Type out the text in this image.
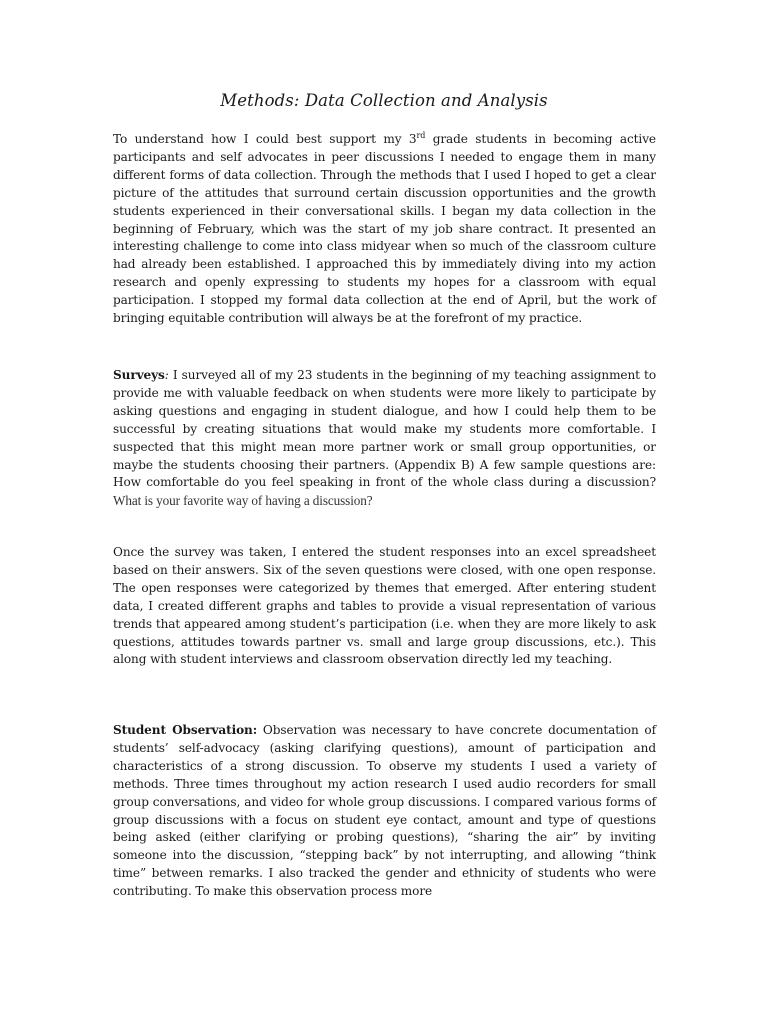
Methods: Data Collection and Analysis

To understand how I could best support my 3rd grade students in becoming active participants and self advocates in peer discussions I needed to engage them in many different forms of data collection. Through the methods that I used I hoped to get a clear picture of the attitudes that surround certain discussion opportunities and the growth students experienced in their conversational skills. I began my data collection in the beginning of February, which was the start of my job share contract. It presented an interesting challenge to come into class midyear when so much of the classroom culture had already been established. I approached this by immediately diving into my action research and openly expressing to students my hopes for a classroom with equal participation. I stopped my formal data collection at the end of April, but the work of bringing equitable contribution will always be at the forefront of my practice.

Surveys: I surveyed all of my 23 students in the beginning of my teaching assignment to provide me with valuable feedback on when students were more likely to participate by asking questions and engaging in student dialogue, and how I could help them to be successful by creating situations that would make my students more comfortable. I suspected that this might mean more partner work or small group opportunities, or maybe the students choosing their partners. (Appendix B) A few sample questions are: How comfortable do you feel speaking in front of the whole class during a discussion? What is your favorite way of having a discussion?

Once the survey was taken, I entered the student responses into an excel spreadsheet based on their answers. Six of the seven questions were closed, with one open response. The open responses were categorized by themes that emerged. After entering student data, I created different graphs and tables to provide a visual representation of various trends that appeared among student’s participation (i.e. when they are more likely to ask questions, attitudes towards partner vs. small and large group discussions, etc.). This along with student interviews and classroom observation directly led my teaching.

Student Observation: Observation was necessary to have concrete documentation of students’ self-advocacy (asking clarifying questions), amount of participation and characteristics of a strong discussion. To observe my students I used a variety of methods. Three times throughout my action research I used audio recorders for small group conversations, and video for whole group discussions. I compared various forms of group discussions with a focus on student eye contact, amount and type of questions being asked (either clarifying or probing questions), “sharing the air” by inviting someone into the discussion, “stepping back” by not interrupting, and allowing “think time” between remarks. I also tracked the gender and ethnicity of students who were contributing. To make this observation process more
